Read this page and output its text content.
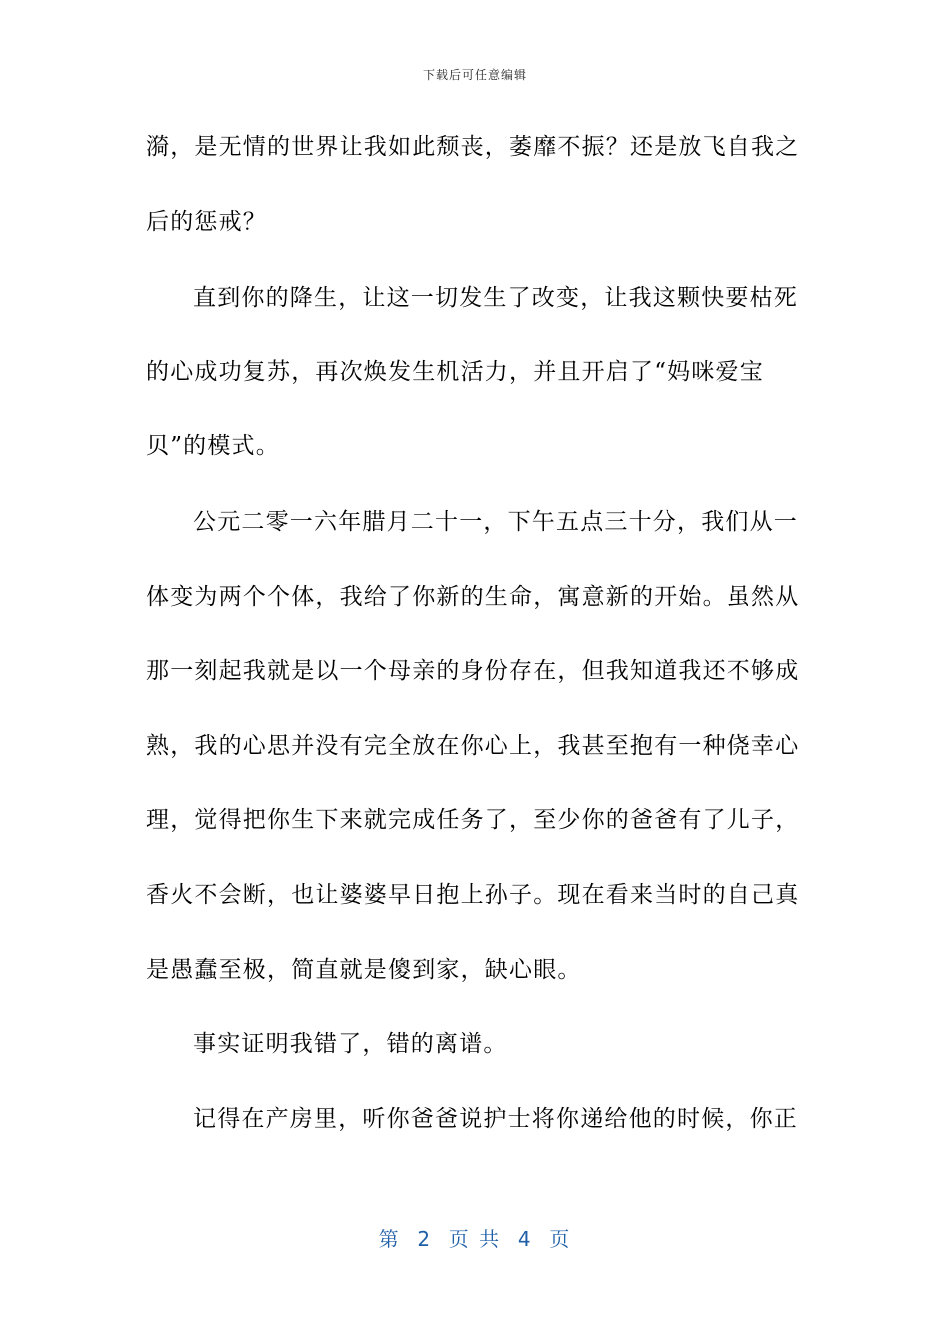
下载后可任意编辑
漪，是无情的世界让我如此颓丧，萎靡不振？还是放飞自我之
后的惩戒？
直到你的降生，让这一切发生了改变，让我这颗快要枯死
的心成功复苏，再次焕发生机活力，并且开启了“妈咪爱宝
贝”的模式。
公元二零一六年腊月二十一，下午五点三十分，我们从一
体变为两个个体，我给了你新的生命，寓意新的开始。虽然从
那一刻起我就是以一个母亲的身份存在，但我知道我还不够成
熟，我的心思并没有完全放在你心上，我甚至抱有一种侥幸心
理，觉得把你生下来就完成任务了，至少你的爸爸有了儿子，
香火不会断，也让婆婆早日抱上孙子。现在看来当时的自己真
是愚蠢至极，简直就是傻到家，缺心眼。
事实证明我错了，错的离谱。
记得在产房里，听你爸爸说护士将你递给他的时候，你正
第  2  页 共  4  页
